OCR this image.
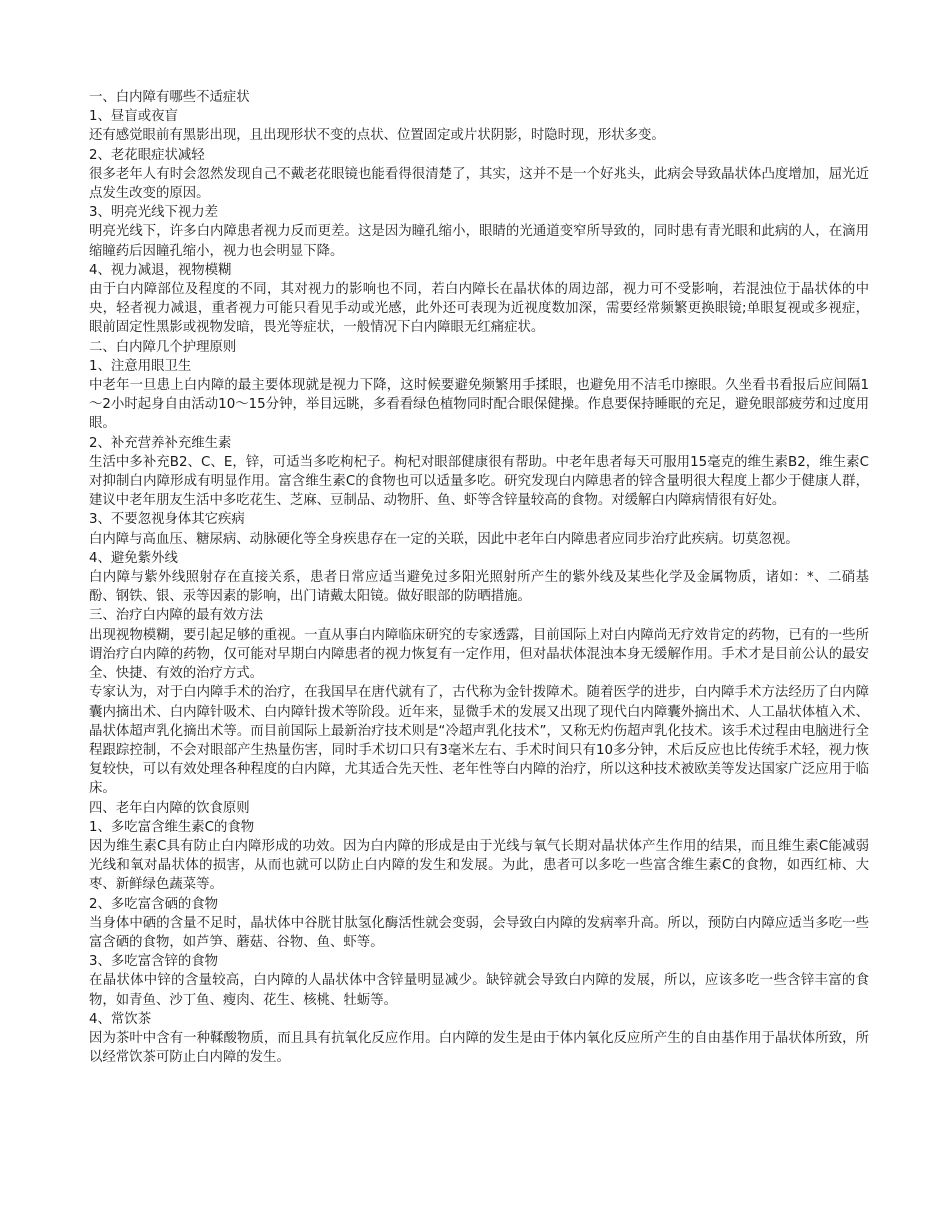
一、白内障有哪些不适症状

1、昼盲或夜盲

还有感觉眼前有黑影出现，且出现形状不变的点状、位置固定或片状阴影，时隐时现，形状多变。

2、老花眼症状减轻

很多老年人有时会忽然发现自己不戴老花眼镜也能看得很清楚了，其实，这并不是一个好兆头，此病会导致晶状体凸度增加，屈光近点发生改变的原因。

3、明亮光线下视力差

明亮光线下，许多白内障患者视力反而更差。这是因为瞳孔缩小，眼睛的光通道变窄所导致的，同时患有青光眼和此病的人，在滴用缩瞳药后因瞳孔缩小，视力也会明显下降。

4、视力减退，视物模糊

由于白内障部位及程度的不同，其对视力的影响也不同，若白内障长在晶状体的周边部，视力可不受影响，若混浊位于晶状体的中央，轻者视力减退，重者视力可能只看见手动或光感，此外还可表现为近视度数加深，需要经常频繁更换眼镜;单眼复视或多视症，眼前固定性黑影或视物发暗，畏光等症状，一般情况下白内障眼无红痛症状。

二、白内障几个护理原则

1、注意用眼卫生

中老年一旦患上白内障的最主要体现就是视力下降，这时候要避免频繁用手揉眼，也避免用不洁毛巾擦眼。久坐看书看报后应间隔1～2小时起身自由活动10～15分钟，举目远眺，多看看绿色植物同时配合眼保健操。作息要保持睡眠的充足，避免眼部疲劳和过度用眼。

2、补充营养补充维生素

生活中多补充B2、C、E，锌，可适当多吃枸杞子。枸杞对眼部健康很有帮助。中老年患者每天可服用15毫克的维生素B2，维生素C对抑制白内障形成有明显作用。富含维生素C的食物也可以适量多吃。研究发现白内障患者的锌含量明很大程度上都少于健康人群，建议中老年朋友生活中多吃花生、芝麻、豆制品、动物肝、鱼、虾等含锌量较高的食物。对缓解白内障病情很有好处。

3、不要忽视身体其它疾病

白内障与高血压、糖尿病、动脉硬化等全身疾患存在一定的关联，因此中老年白内障患者应同步治疗此疾病。切莫忽视。

4、避免紫外线

白内障与紫外线照射存在直接关系，患者日常应适当避免过多阳光照射所产生的紫外线及某些化学及金属物质，诸如：*、二硝基酚、钢铁、银、汞等因素的影响，出门请戴太阳镜。做好眼部的防晒措施。

三、治疗白内障的最有效方法

出现视物模糊，要引起足够的重视。一直从事白内障临床研究的专家透露，目前国际上对白内障尚无疗效肯定的药物，已有的一些所谓治疗白内障的药物，仅可能对早期白内障患者的视力恢复有一定作用，但对晶状体混浊本身无缓解作用。手术才是目前公认的最安全、快捷、有效的治疗方式。

专家认为，对于白内障手术的治疗，在我国早在唐代就有了，古代称为金针拨障术。随着医学的进步，白内障手术方法经历了白内障囊内摘出术、白内障针吸术、白内障针拨术等阶段。近年来，显微手术的发展又出现了现代白内障囊外摘出术、人工晶状体植入术、晶状体超声乳化摘出术等。而目前国际上最新治疗技术则是“冷超声乳化技术”，又称无灼伤超声乳化技术。该手术过程由电脑进行全程跟踪控制，不会对眼部产生热量伤害，同时手术切口只有3毫米左右、手术时间只有10多分钟，术后反应也比传统手术轻，视力恢复较快，可以有效处理各种程度的白内障，尤其适合先天性、老年性等白内障的治疗，所以这种技术被欧美等发达国家广泛应用于临床。

四、老年白内障的饮食原则

1、多吃富含维生素C的食物

因为维生素C具有防止白内障形成的功效。因为白内障的形成是由于光线与氧气长期对晶状体产生作用的结果，而且维生素C能减弱光线和氧对晶状体的损害，从而也就可以防止白内障的发生和发展。为此，患者可以多吃一些富含维生素C的食物，如西红柿、大枣、新鲜绿色蔬菜等。

2、多吃富含硒的食物

当身体中硒的含量不足时，晶状体中谷胱甘肽氢化酶活性就会变弱，会导致白内障的发病率升高。所以，预防白内障应适当多吃一些富含硒的食物，如芦笋、蘑菇、谷物、鱼、虾等。

3、多吃富含锌的食物

在晶状体中锌的含量较高，白内障的人晶状体中含锌量明显减少。缺锌就会导致白内障的发展，所以，应该多吃一些含锌丰富的食物，如青鱼、沙丁鱼、瘦肉、花生、核桃、牡蛎等。

4、常饮茶

因为茶叶中含有一种鞣酸物质，而且具有抗氧化反应作用。白内障的发生是由于体内氧化反应所产生的自由基作用于晶状体所致，所以经常饮茶可防止白内障的发生。
